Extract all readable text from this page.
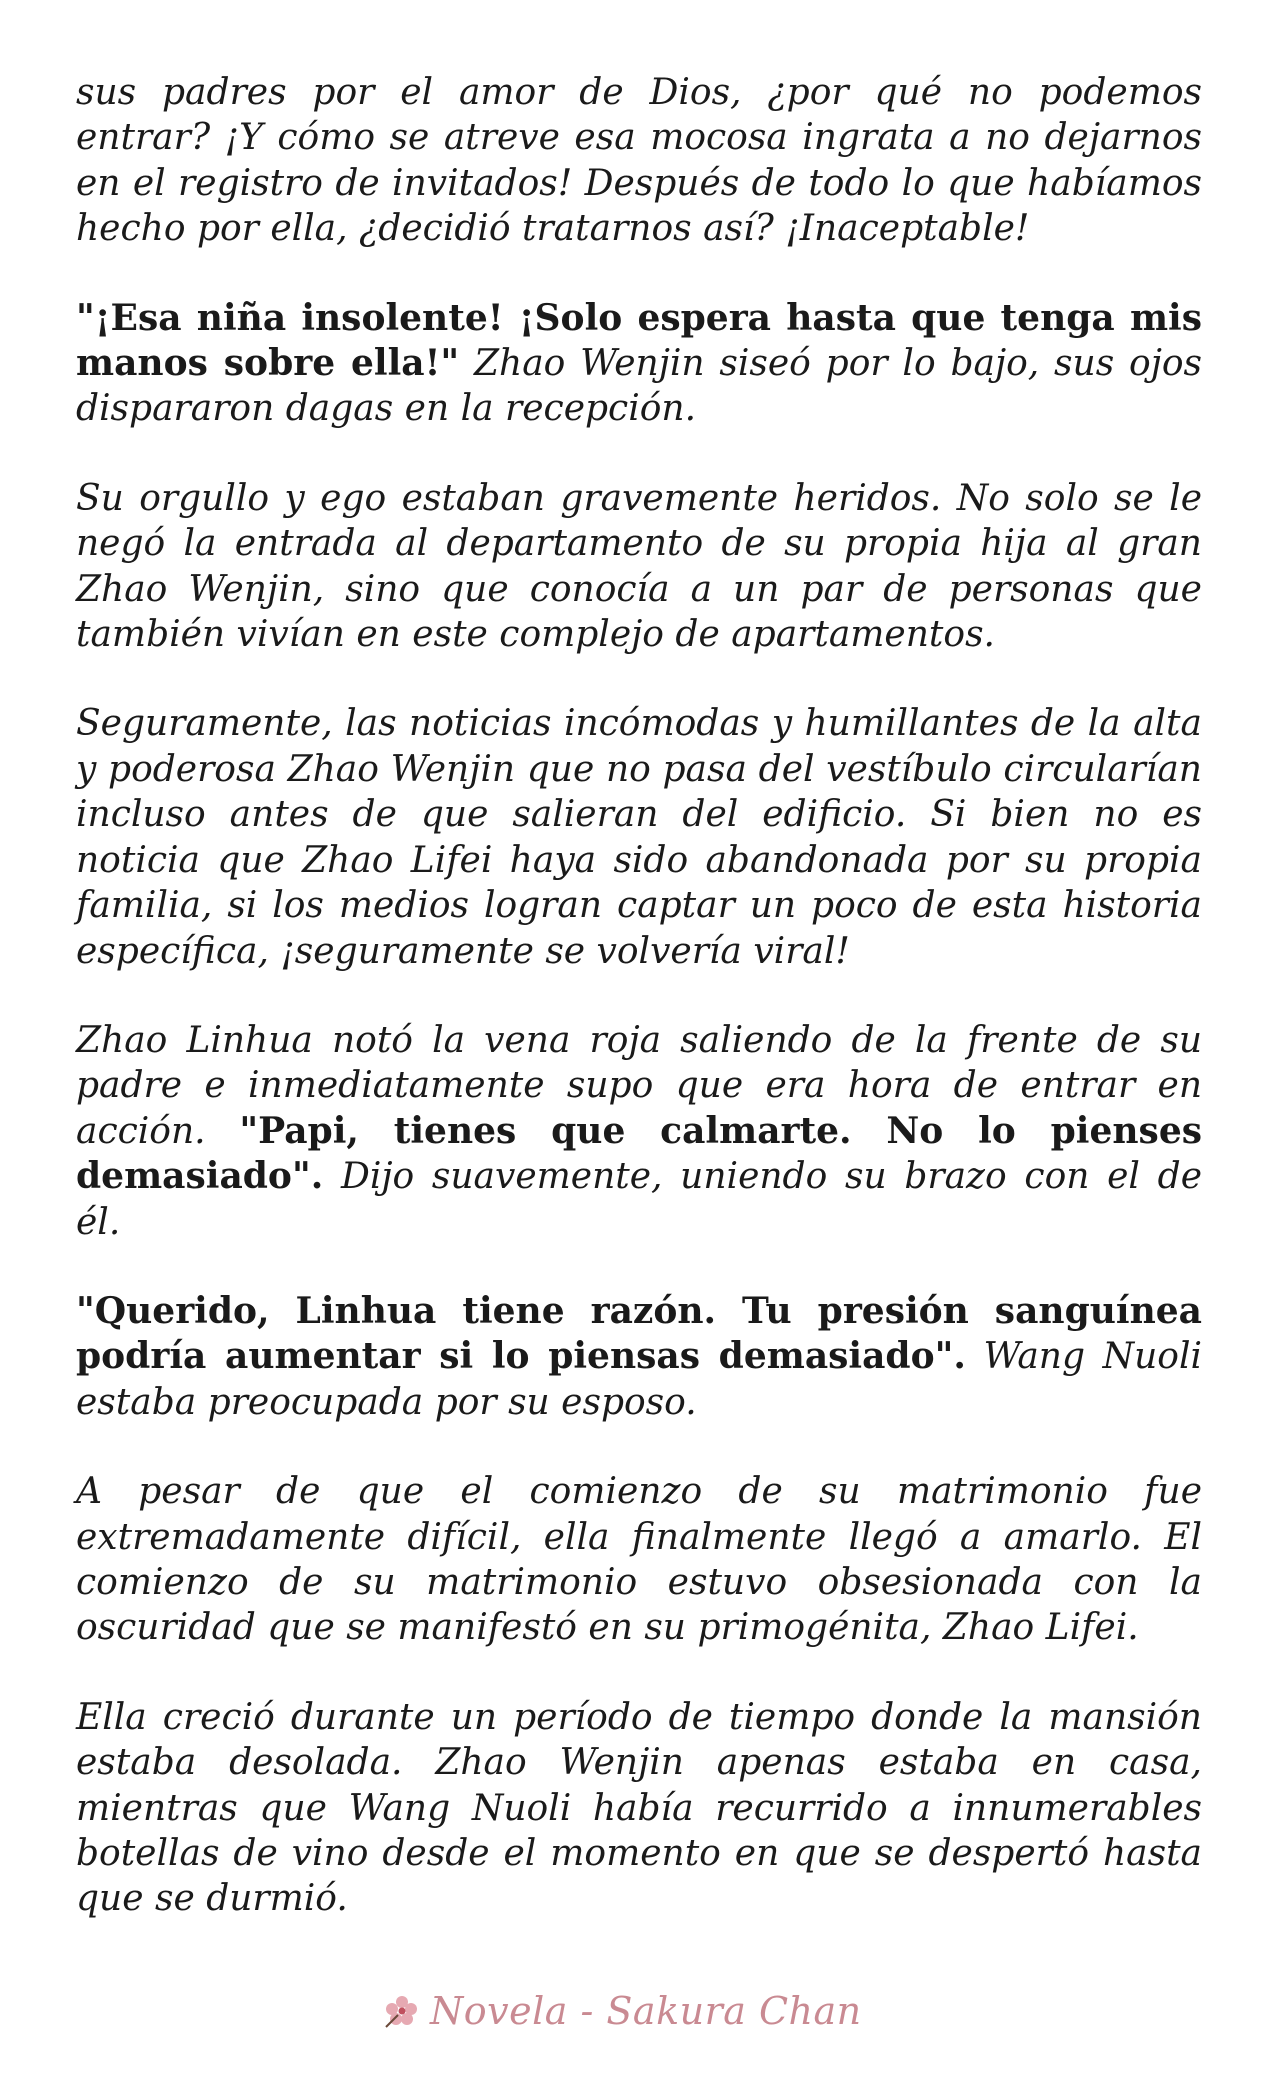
sus padres por el amor de Dios, ¿por qué no podemos entrar? ¡Y cómo se atreve esa mocosa ingrata a no dejarnos en el registro de invitados! Después de todo lo que habíamos hecho por ella, ¿decidió tratarnos así? ¡Inaceptable!

"¡Esa niña insolente! ¡Solo espera hasta que tenga mis manos sobre ella!" Zhao Wenjin siseó por lo bajo, sus ojos dispararon dagas en la recepción.

Su orgullo y ego estaban gravemente heridos. No solo se le negó la entrada al departamento de su propia hija al gran Zhao Wenjin, sino que conocía a un par de personas que también vivían en este complejo de apartamentos.

Seguramente, las noticias incómodas y humillantes de la alta y poderosa Zhao Wenjin que no pasa del vestíbulo circularían incluso antes de que salieran del edificio. Si bien no es noticia que Zhao Lifei haya sido abandonada por su propia familia, si los medios logran captar un poco de esta historia específica, ¡seguramente se volvería viral!

Zhao Linhua notó la vena roja saliendo de la frente de su padre e inmediatamente supo que era hora de entrar en acción. "Papi, tienes que calmarte. No lo pienses demasiado". Dijo suavemente, uniendo su brazo con el de él.

"Querido, Linhua tiene razón. Tu presión sanguínea podría aumentar si lo piensas demasiado". Wang Nuoli estaba preocupada por su esposo.

A pesar de que el comienzo de su matrimonio fue extremadamente difícil, ella finalmente llegó a amarlo. El comienzo de su matrimonio estuvo obsesionada con la oscuridad que se manifestó en su primogénita, Zhao Lifei.

Ella creció durante un período de tiempo donde la mansión estaba desolada. Zhao Wenjin apenas estaba en casa, mientras que Wang Nuoli había recurrido a innumerables botellas de vino desde el momento en que se despertó hasta que se durmió.

Novela - Sakura Chan
